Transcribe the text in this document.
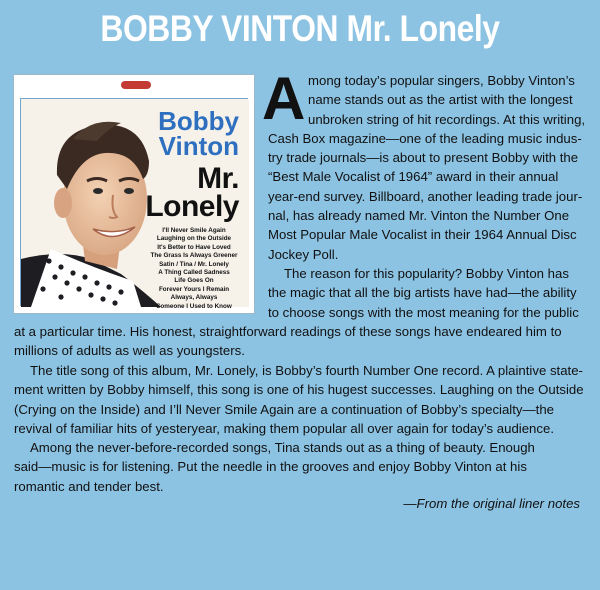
BOBBY VINTON Mr. Lonely
Bobby
Vinton
Mr.
Lonely
I'll Never Smile Again
Laughing on the Outside
It's Better to Have Loved
The Grass Is Always Greener
Satin / Tina / Mr. Lonely
A Thing Called Sadness
Life Goes On
Forever Yours I Remain
Always, Always
Someone I Used to Know
A mong today’s popular singers, Bobby Vinton’s
name stands out as the artist with the longest
unbroken string of hit recordings. At this writing,
Cash Box magazine—one of the leading music indus-
try trade journals—is about to present Bobby with the
“Best Male Vocalist of 1964” award in their annual
year-end survey. Billboard, another leading trade jour-
nal, has already named Mr. Vinton the Number One
Most Popular Male Vocalist in their 1964 Annual Disc
Jockey Poll.
The reason for this popularity? Bobby Vinton has
the magic that all the big artists have had—the ability
to choose songs with the most meaning for the public
at a particular time. His honest, straightforward readings of these songs have endeared him to
millions of adults as well as youngsters.
The title song of this album, Mr. Lonely, is Bobby’s fourth Number One record. A plaintive state-
ment written by Bobby himself, this song is one of his hugest successes. Laughing on the Outside
(Crying on the Inside) and I’ll Never Smile Again are a continuation of Bobby’s specialty—the
revival of familiar hits of yesteryear, making them popular all over again for today’s audience.
Among the never-before-recorded songs, Tina stands out as a thing of beauty. Enough
said—music is for listening. Put the needle in the grooves and enjoy Bobby Vinton at his
romantic and tender best.
—From the original liner notes
